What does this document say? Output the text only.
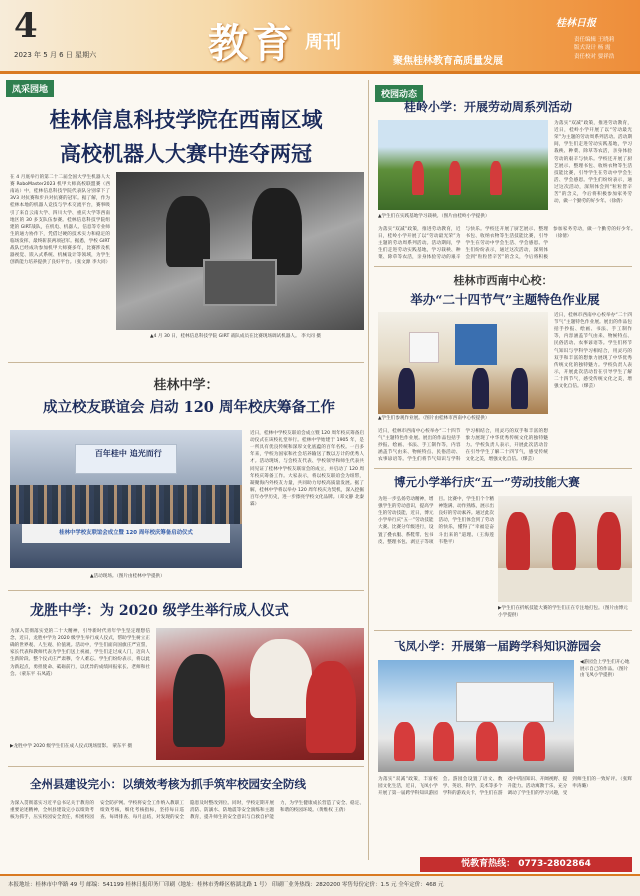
4
2023 年 5 月 6 日 星期六	教育 周刊
聚焦桂林教育高质量发展
桂林日报
责任编辑 王晓莉
版式设计 杨 霞
责任校对 要祥浩
凤采园地	校园动态
桂林信息科技学院在西南区域
高校机器人大赛中连夺两冠
在 4 月底举行的第二十二届全国大学生机器人大赛 RoboMaster2023 机甲大师高校联盟赛（西南站）中，桂林信息科技学院代表队分别拿下了 3V3 对抗赛和步兵对抗赛的冠军。据了解，作为桂林本地的机器人竞技与学术交流平台，赛事吸引了来自云南大学、四川大学、重庆大学等西南地区的 30 多支队伍参赛。桂林信息科技学院组建的 GIRT战队，在机电、机器人、信息等专业师生的通力协作下，凭借过硬的技术实力和稳定的临场发挥，最终斩获两项冠军。据悉，学校 GIRT 战队已经成功参加机甲大师赛多年，比赛涉及机器视觉、嵌入式系统、机械设计等领域，为学生创新能力培养提供了良好平台。（张文源 李大同）
▲4 月 30 日，桂林信息科技学院 GIRT 战队成员在比赛现场调试机器人。 李大同 摄
桂林中学：
成立校友联谊会 启动 120 周年校庆筹备工作
百年桂中 追光而行
桂林中学校友联谊会成立暨 120 周年校庆筹备启动仪式
▲活动现场。（图片由桂林中学提供）
近日，桂林中学校友联谊会成立暨 120 周年校庆筹备启动仪式在该校礼堂举行。桂林中学始建于 1905 年，是一所具有优良传统和深厚文化底蕴的百年名校。一百多年来，学校为国家和社会培养输送了数以万计的优秀人才。活动现场，与会校友代表、学校领导和师生代表共同见证了桂林中学校友联谊会的成立，并启动了 120 周年校庆筹备工作。大家表示，将以校友联谊会为纽带，凝聚海内外校友力量，共同助力母校高质量发展。据了解，桂林中学将以举办 120 周年校庆为契机，深入挖掘百年办学历史，进一步擦亮学校文化品牌。（邓文静 北秦霖）
龙胜中学：为 2020 级学生举行成人仪式
为深入贯彻落实党的二十大精神，引导新时代青年学生坚定理想信念，近日，龙胜中学为 2020 级学生举行成人仪式，帮助学生树立正确的世界观、人生观、价值观。活动中，学生们面向国旗庄严宣誓，家长代表和教师代表为学生们送上祝福，学生们走过成人门，迈向人生新阶段。整个仪式庄严肃穆，令人难忘。学生们纷纷表示，将以此为新起点，勇担使命、砥砺前行，以优异的成绩回报家长、老师和社会。（蒙东平 石凤霞）
▶龙胜中学 2020 级学生们在成人仪式现场留影。 蒙东平 摄
全州县建设完小：以绩效考核为抓手筑牢校园安全防线
为深入贯彻落实习近平总书记关于教育的重要论述精神，全州县建设完小以绩效考核为抓手，压实校园安全责任，织密校园安全防护网。学校将安全工作纳入教职工绩效考核，细化考核指标，坚持每日巡查、每周排查、每月总结，对发现的安全隐患及时整改到位。同时，学校定期开展消防、防溺水、防地震等安全演练和主题教育，提升师生的安全意识与自救自护能力，为学生健康成长营造了安全、稳定、和谐的校园环境。（黄维权 王倩）
桂岭小学：开展劳动周系列活动
▲学生们在实践基地学习栽秧。（图片由桂岭小学提供）
为落实“双减”政策，推进劳动教育，近日，桂岭小学开展了以“劳动最光荣”为主题的劳动周系列活动。活动期间，学生们走进劳动实践基地，学习栽秧、种菜、除草等农活，亲身体验劳动的艰辛与快乐。学校还开展了厨艺展示、整理书包、收纳衣物等生活技能比赛，引导学生在劳动中学会生活、学会感恩。学生们纷纷表示，通过这次活动，深刻体会到“粒粒皆辛苦”的含义，今后将积极参加家务劳动，做一个勤劳的好少年。（徐倩）
为落实“双减”政策，推进劳动教育，近日，桂岭小学开展了以“劳动最光荣”为主题的劳动周系列活动。活动期间，学生们走进劳动实践基地，学习栽秧、种菜、除草等农活，亲身体验劳动的艰辛与快乐。学校还开展了厨艺展示、整理书包、收纳衣物等生活技能比赛，引导学生在劳动中学会生活、学会感恩。学生们纷纷表示，通过这次活动，深刻体会到“粒粒皆辛苦”的含义，今后将积极参加家务劳动，做一个勤劳的好少年。（徐倩）
桂林市西南中心校：
举办“二十四节气”主题特色作业展
▲学生们参观作业展。（图片由桂林市西南中心校提供）
近日，桂林市西南中心校举办“二十四节气”主题特色作业展。展出的作品包括手抄报、绘画、书法、手工制作等，内容涵盖节气由来、物候特点、民俗活动、农事谚语等。学生们将节气知识与学科学习相结合，用灵巧的双手和丰富的想象力展现了中华优秀传统文化的独特魅力。学校负责人表示，开展此次活动旨在引导学生了解二十四节气，感受传统文化之美，增强文化自信。（缪芸）
近日，桂林市西南中心校举办“二十四节气”主题特色作业展。展出的作品包括手抄报、绘画、书法、手工制作等，内容涵盖节气由来、物候特点、民俗活动、农事谚语等。学生们将节气知识与学科学习相结合，用灵巧的双手和丰富的想象力展现了中华优秀传统文化的独特魅力。学校负责人表示，开展此次活动旨在引导学生了解二十四节气，感受传统文化之美，增强文化自信。（缪芸）
博元小学举行庆“五一”劳动技能大赛
为进一步弘扬劳动精神，增强学生的劳动意识，提高学生的劳动技能，近日，博元小学举行庆“五一”劳动技能大赛。比赛分年级进行，设置了叠衣服、系鞋带、包书皮、整理书包、剥豆子等项目。比赛中，学生们个个精神饱满、动作熟练，展示出良好的劳动素养。通过此次活动，学生们体会到了劳动的快乐，懂得了“幸福是奋斗出来的”道理。（王海莲 韦艳平）
▶学生们在折纸技能大赛的学生们正在专注地打包。（图片由博元小学提供）
飞凤小学：开展第一届跨学科知识游园会
◀游园会上学生们开心地展示自己的作品。（图片由飞凤小学提供）
为落实“双减”政策，丰富校园文化生活，近日，飞凤小学开展了第一届跨学科知识游园会。游园会设置了语文、数学、英语、科学、美术等多个学科的游戏关卡，学生们在游戏中巩固知识、开阔视野、提升能力。活动寓教于乐，充分调动了学生们的学习兴趣，受到师生们的一致好评。（张辉 申涛璐）
悦教育热线： 0773-2802864
本报地址：桂林市中华路 49 号 邮编：541199 桂林日报印务厂印刷（地址：桂林市秀峰区榕湖北路 1 号） 印刷厂业务热线：2820200 零售每份定价：1.5 元 全年定价：468 元
